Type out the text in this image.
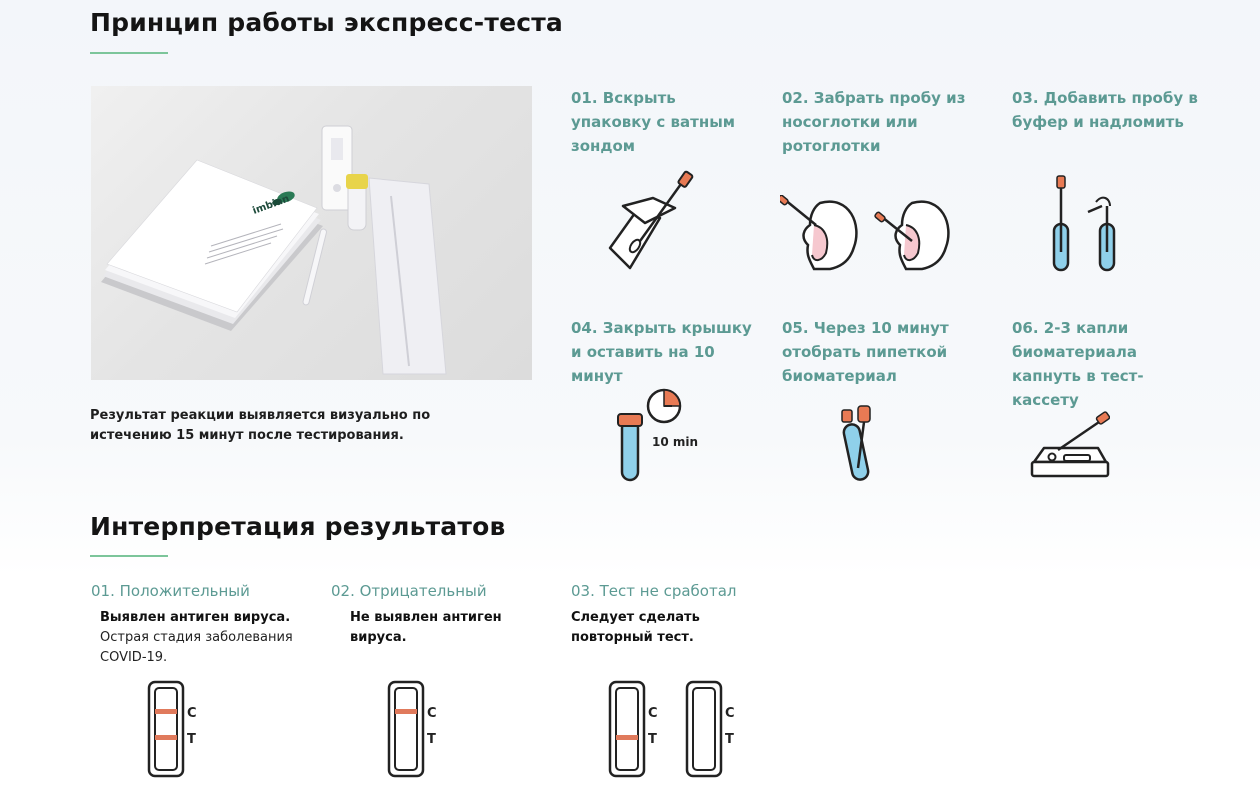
Принцип работы экспресс-теста
imbian

Результат реакции выявляется визуально по истечению 15 минут после тестирования.

01. Вскрыть упаковку с ватным зондом

02. Забрать пробу из носоглотки или ротоглотки

03. Добавить пробу в буфер и надломить

04. Закрыть крышку и оставить на 10 минут

10 min

05. Через 10 минут отобрать пипеткой биоматериал

06. 2-3 капли биоматериала капнуть в тест-кассету

Интерпретация результатов

01. Положительный

Выявлен антиген вируса.
Острая стадия заболевания COVID-19.

02. Отрицательный

Не выявлен антиген вируса.

03. Тест не сработал

Следует сделать повторный тест.
C
T
C
T
C
T
C
T
